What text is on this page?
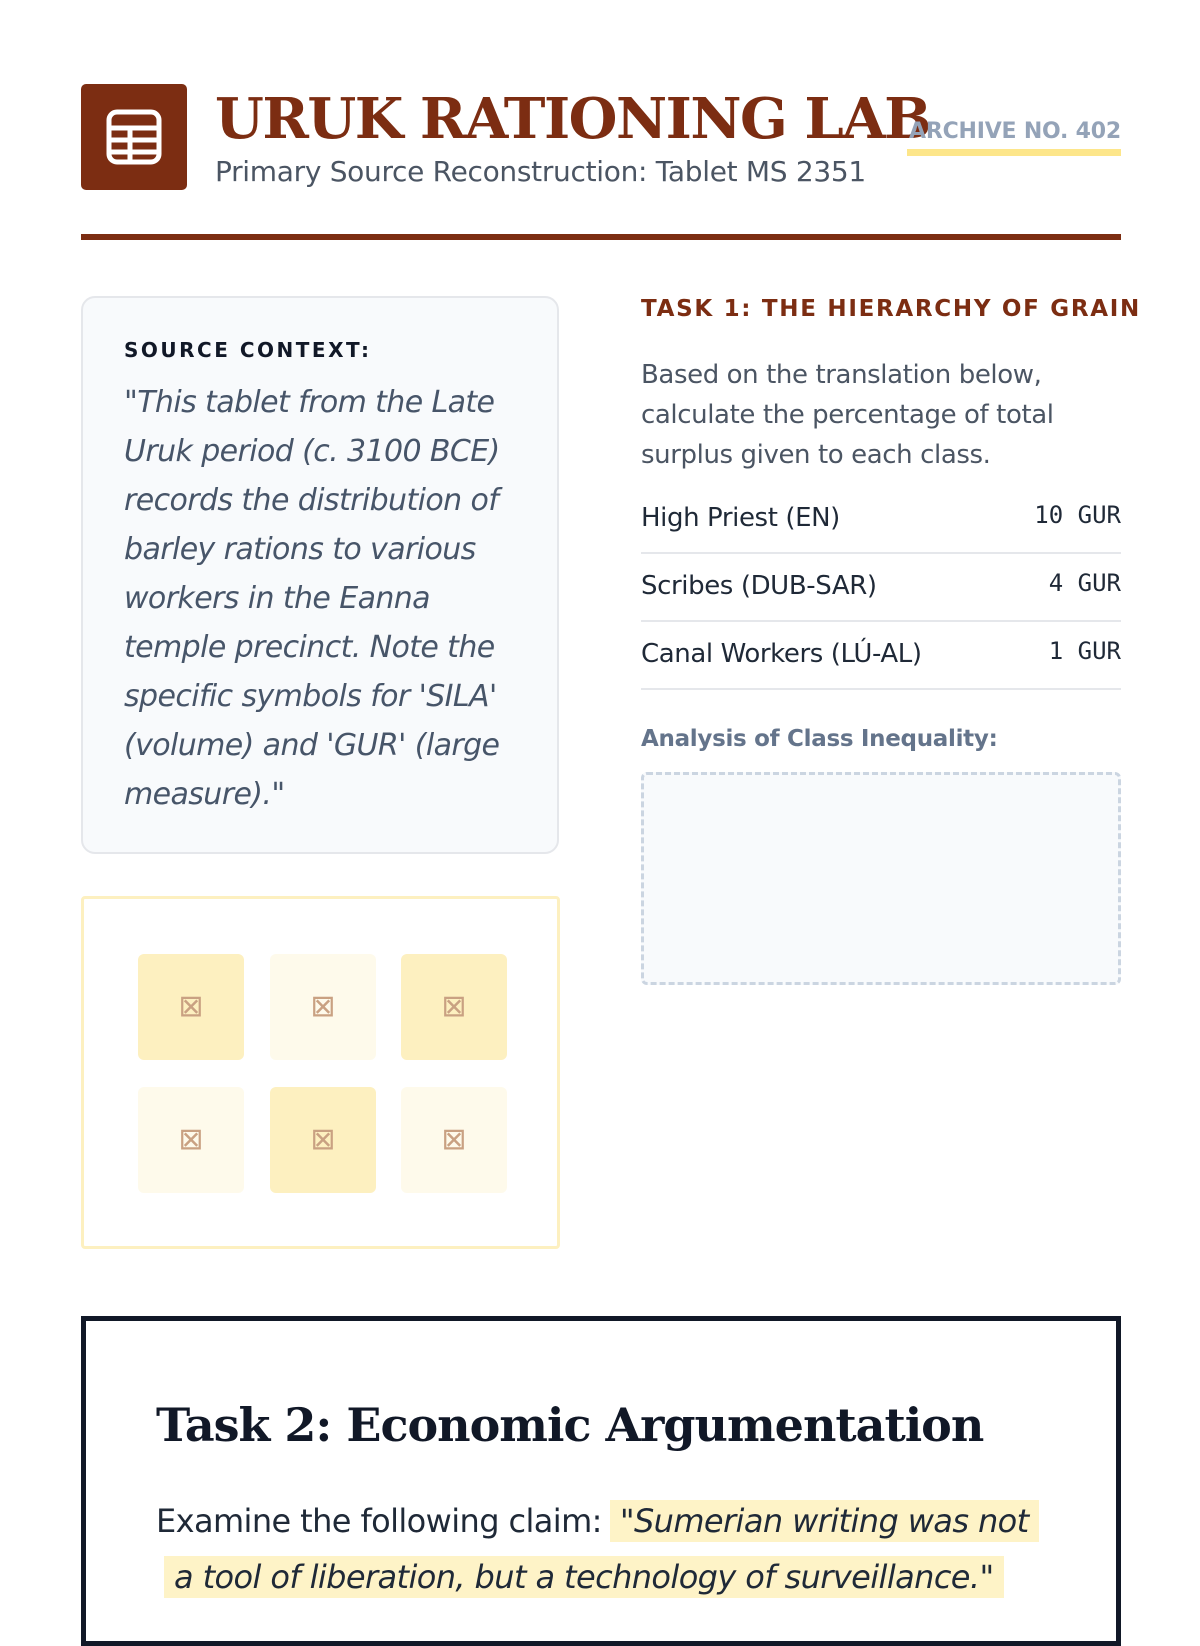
URUK RATIONING LAB
Primary Source Reconstruction: Tablet MS 2351
ARCHIVE NO. 402
SOURCE CONTEXT:
"This tablet from the Late Uruk period (c. 3100 BCE) records the distribution of barley rations to various workers in the Eanna temple precinct. Note the specific symbols for 'SILA' (volume) and 'GUR' (large measure)."
⊠	⊠	⊠
⊠	⊠	⊠
TASK 1: THE HIERARCHY OF GRAIN
Based on the translation below, calculate the percentage of total surplus given to each class.
High Priest (EN)	10 GUR
Scribes (DUB-SAR)	4 GUR
Canal Workers (LÚ-AL)	1 GUR
Analysis of Class Inequality:
Task 2: Economic Argumentation
Examine the following claim: "Sumerian writing was not a tool of liberation, but a technology of surveillance."
